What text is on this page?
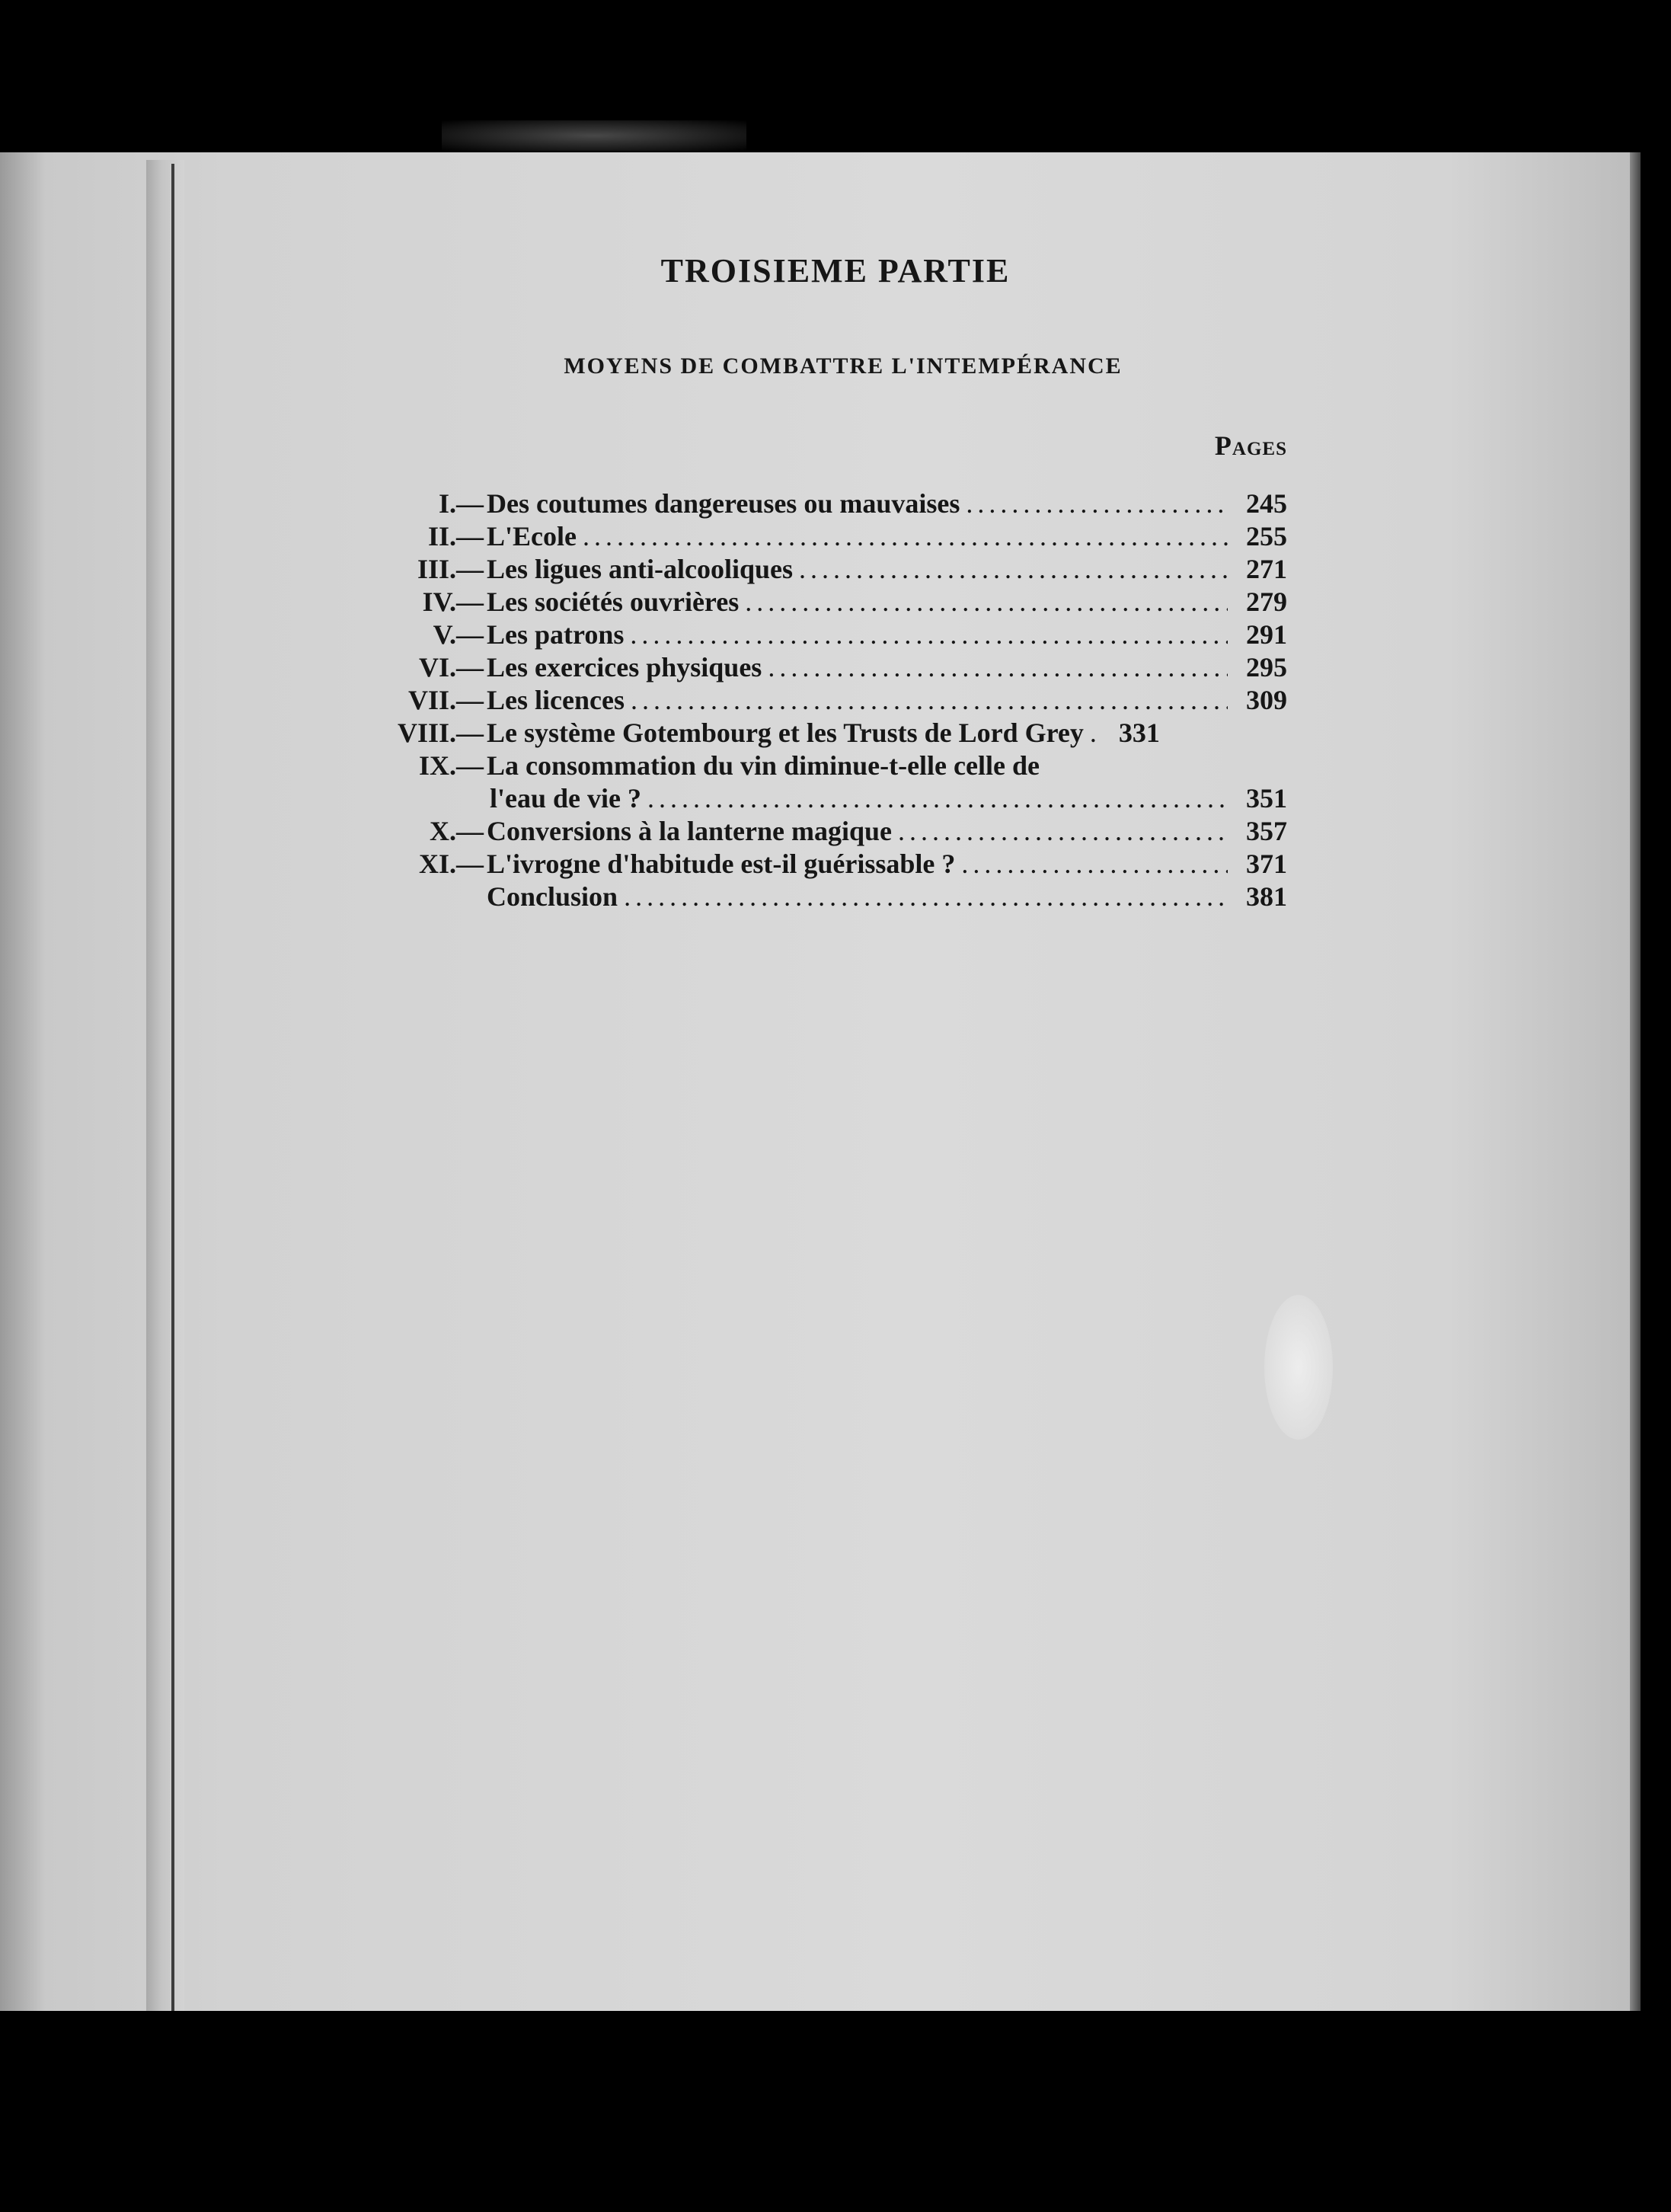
TROISIEME PARTIE
MOYENS DE COMBATTRE L'INTEMPÉRANCE
Pages
I.— Des coutumes dangereuses ou mauvaises .....	245
II.— L'Ecole .....	255
III.— Les ligues anti-alcooliques .....	271
IV.— Les sociétés ouvrières .....	279
V.— Les patrons .....	291
VI.— Les exercices physiques .....	295
VII.— Les licences .....	309
VIII.— Le système Gotembourg et les Trusts de Lord Grey .....	331
IX.— La consommation du vin diminue-t-elle celle de
l'eau de vie ? .....	351
X.— Conversions à la lanterne magique .....	357
XI.— L'ivrogne d'habitude est-il guérissable ? .....	371
Conclusion .....	381
